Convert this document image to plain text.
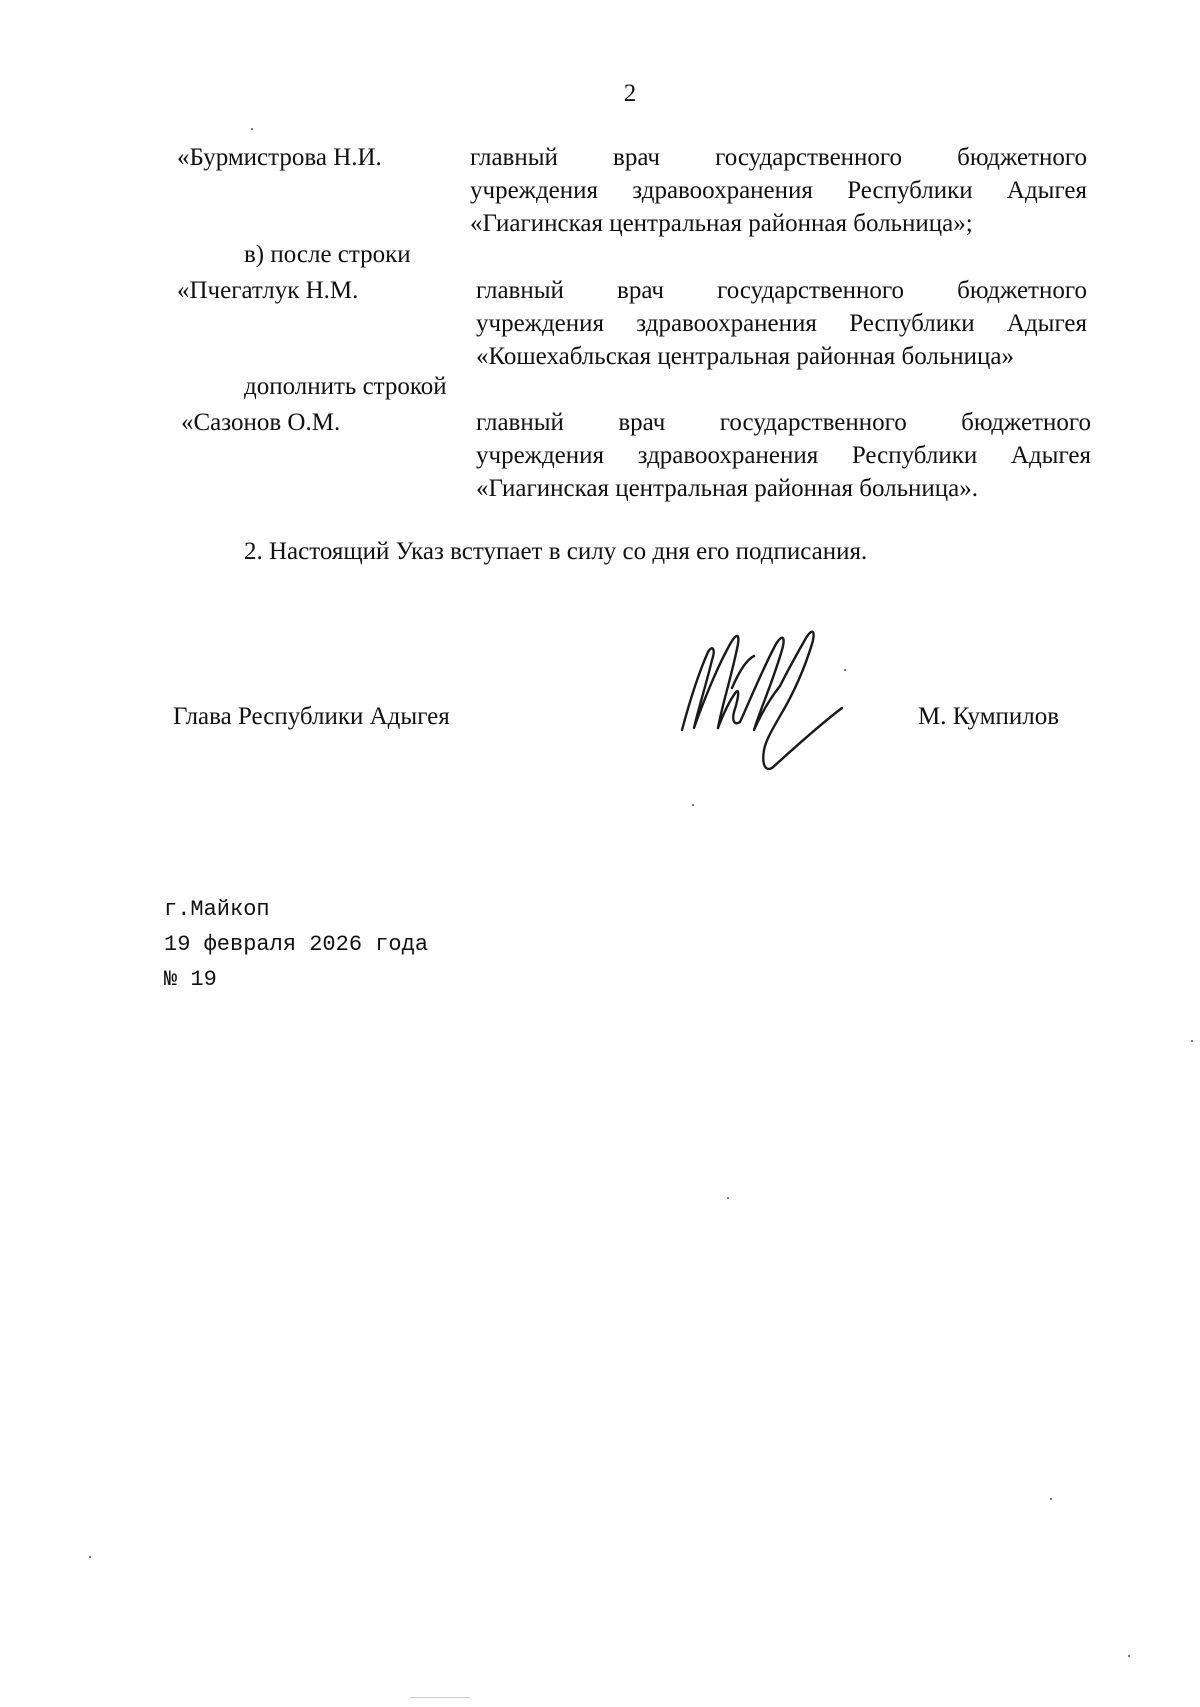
2
«Бурмистрова Н.И.	главный врач государственного бюджетного
учреждения здравоохранения Республики Адыгея
«Гиагинская центральная районная больница»;
в) после строки
«Пчегатлук Н.М.	главный врач государственного бюджетного
учреждения здравоохранения Республики Адыгея
«Кошехабльская центральная районная больница»
дополнить строкой
«Сазонов О.М.	главный врач государственного бюджетного
учреждения здравоохранения Республики Адыгея
«Гиагинская центральная районная больница».
2. Настоящий Указ вступает в силу со дня его подписания.
Глава Республики Адыгея	М. Кумпилов
г.Майкоп
19 февраля 2026 года
№ 19
